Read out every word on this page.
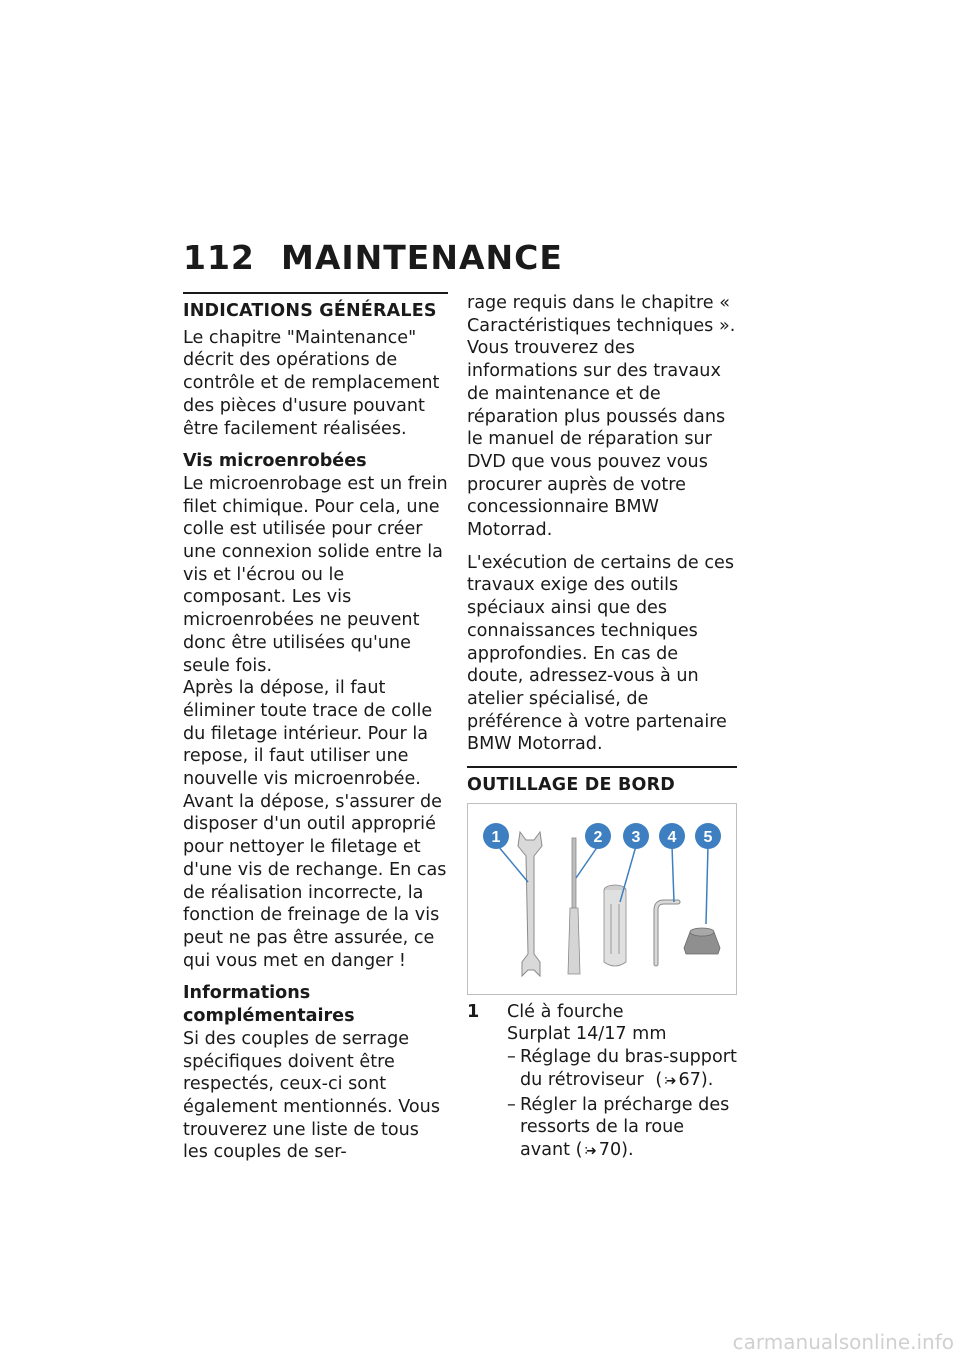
112 MAINTENANCE
INDICATIONS GÉNÉRALES

Le chapitre "Maintenance" décrit des opérations de contrôle et de remplacement des pièces d'usure pouvant être facilement réalisées.

Vis microenrobées

Le microenrobage est un frein filet chimique. Pour cela, une colle est utilisée pour créer une connexion solide entre la vis et l'écrou ou le composant. Les vis microenrobées ne peuvent donc être utilisées qu'une seule fois.

Après la dépose, il faut éliminer toute trace de colle du filetage intérieur. Pour la repose, il faut utiliser une nouvelle vis microenrobée. Avant la dépose, s'assurer de disposer d'un outil approprié pour nettoyer le filetage et d'une vis de rechange. En cas de réalisation incorrecte, la fonction de freinage de la vis peut ne pas être assurée, ce qui vous met en danger !

Informations complémentaires

Si des couples de serrage spécifiques doivent être respectés, ceux-ci sont également mentionnés. Vous trouverez une liste de tous les couples de ser-

rage requis dans le chapitre « Caractéristiques techniques ». Vous trouverez des informations sur des travaux de maintenance et de réparation plus poussés dans le manuel de réparation sur DVD que vous pouvez vous procurer auprès de votre concessionnaire BMW Motorrad.

L'exécution de certains de ces travaux exige des outils spéciaux ainsi que des connaissances techniques approfondies. En cas de doute, adressez-vous à un atelier spécialisé, de préférence à votre partenaire BMW Motorrad.

OUTILLAGE DE BORD
1	2 3 4 5
1	Clé à fourche
Surplat 14/17 mm
– Réglage du bras-support du rétroviseur ( ∶➜ 67).
– Régler la précharge des ressorts de la roue avant ( ∶➜ 70).
carmanualsonline.info
